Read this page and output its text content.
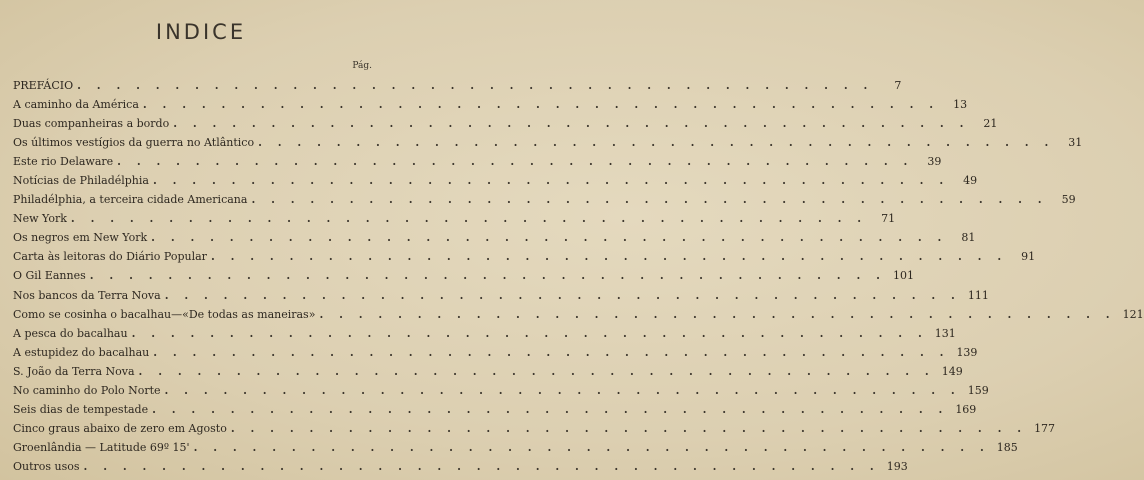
INDICE
Pág.
PREFÁCIO . . . . . . . . . . . . . . . . . . . . . . . . . . . . . . . . . . . . . . . . .	7
A caminho da América . . . . . . . . . . . . . . . . . . . . . . . . . . . . . . . . . . . . . . . . .	13
Duas companheiras a bordo . . . . . . . . . . . . . . . . . . . . . . . . . . . . . . . . . . . . . . . . .	21
Os últimos vestígios da guerra no Atlântico . . . . . . . . . . . . . . . . . . . . . . . . . . . . . . . . . . . . . . . . .	31
Este rio Delaware . . . . . . . . . . . . . . . . . . . . . . . . . . . . . . . . . . . . . . . . .	39
Notícias de Philadélphia . . . . . . . . . . . . . . . . . . . . . . . . . . . . . . . . . . . . . . . . .	49
Philadélphia, a terceira cidade Americana . . . . . . . . . . . . . . . . . . . . . . . . . . . . . . . . . . . . . . . . .	59
New York . . . . . . . . . . . . . . . . . . . . . . . . . . . . . . . . . . . . . . . . .	71
Os negros em New York . . . . . . . . . . . . . . . . . . . . . . . . . . . . . . . . . . . . . . . . .	81
Carta às leitoras do Diário Popular . . . . . . . . . . . . . . . . . . . . . . . . . . . . . . . . . . . . . . . . .	91
O Gil Eannes . . . . . . . . . . . . . . . . . . . . . . . . . . . . . . . . . . . . . . . . . 101
Nos bancos da Terra Nova . . . . . . . . . . . . . . . . . . . . . . . . . . . . . . . . . . . . . . . . . 111
Como se cosinha o bacalhau—«De todas as maneiras» . . . . . . . . . . . . . . . . . . . . . . . . . . . . . . . . . . . . . . . . . 121
A pesca do bacalhau . . . . . . . . . . . . . . . . . . . . . . . . . . . . . . . . . . . . . . . . . 131
A estupidez do bacalhau . . . . . . . . . . . . . . . . . . . . . . . . . . . . . . . . . . . . . . . . . 139
S. João da Terra Nova . . . . . . . . . . . . . . . . . . . . . . . . . . . . . . . . . . . . . . . . . 149
No caminho do Polo Norte . . . . . . . . . . . . . . . . . . . . . . . . . . . . . . . . . . . . . . . . . 159
Seis dias de tempestade . . . . . . . . . . . . . . . . . . . . . . . . . . . . . . . . . . . . . . . . . 169
Cinco graus abaixo de zero em Agosto . . . . . . . . . . . . . . . . . . . . . . . . . . . . . . . . . . . . . . . . . 177
Groenlândia — Latitude 69º 15' . . . . . . . . . . . . . . . . . . . . . . . . . . . . . . . . . . . . . . . . . 185
Outros usos . . . . . . . . . . . . . . . . . . . . . . . . . . . . . . . . . . . . . . . . . 193
